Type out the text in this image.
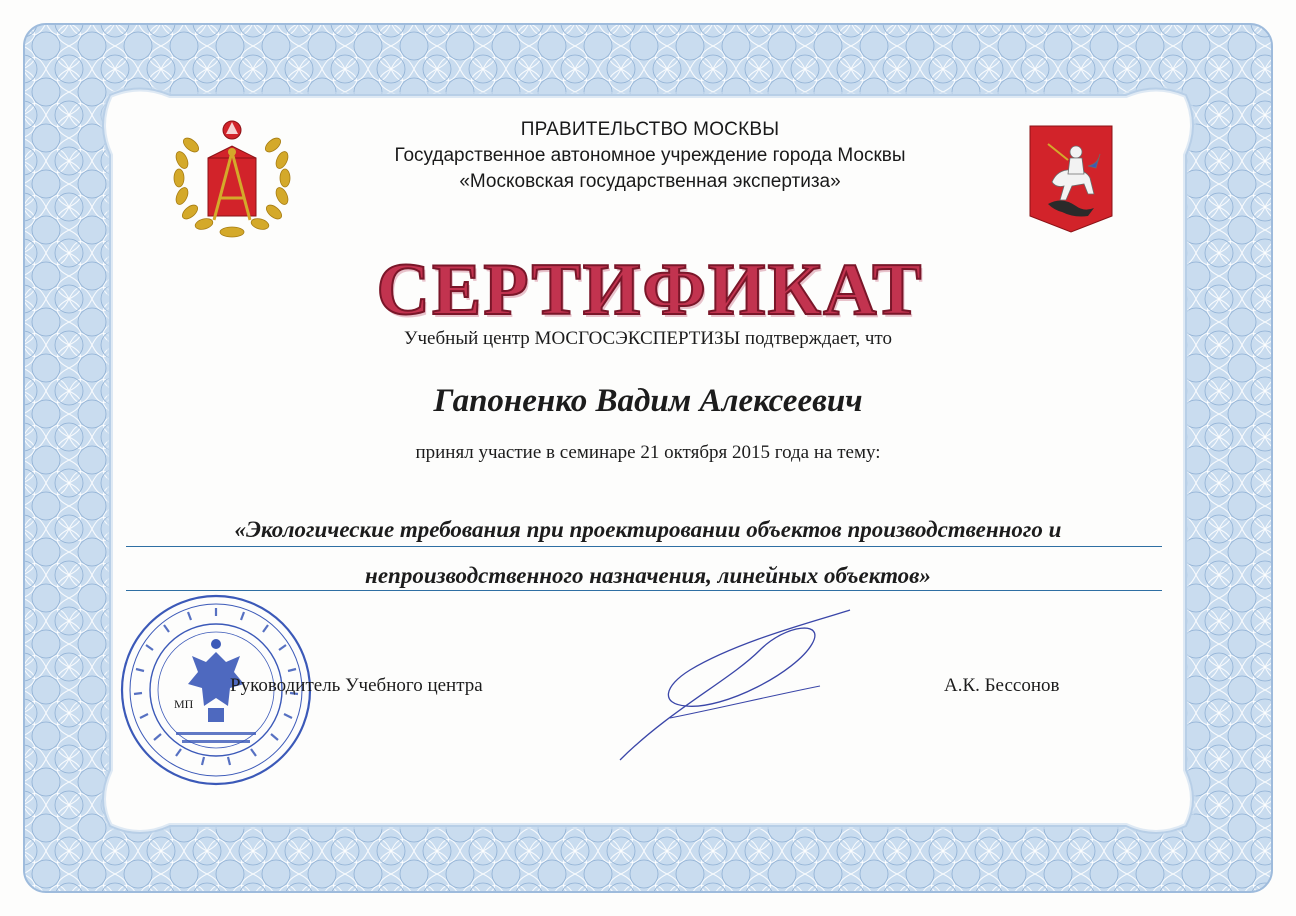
ПРАВИТЕЛЬСТВО МОСКВЫ
Государственное автономное учреждение города Москвы
«Московская государственная экспертиза»
СЕРТИФИКАТ
Учебный центр МОСГОСЭКСПЕРТИЗЫ подтверждает, что
Гапоненко Вадим Алексеевич
принял участие в семинаре 21 октября 2015 года на тему:
«Экологические требования при проектировании объектов производственного и
непроизводственного назначения, линейных объектов»
Руководитель Учебного центра
МП
А.К. Бессонов
